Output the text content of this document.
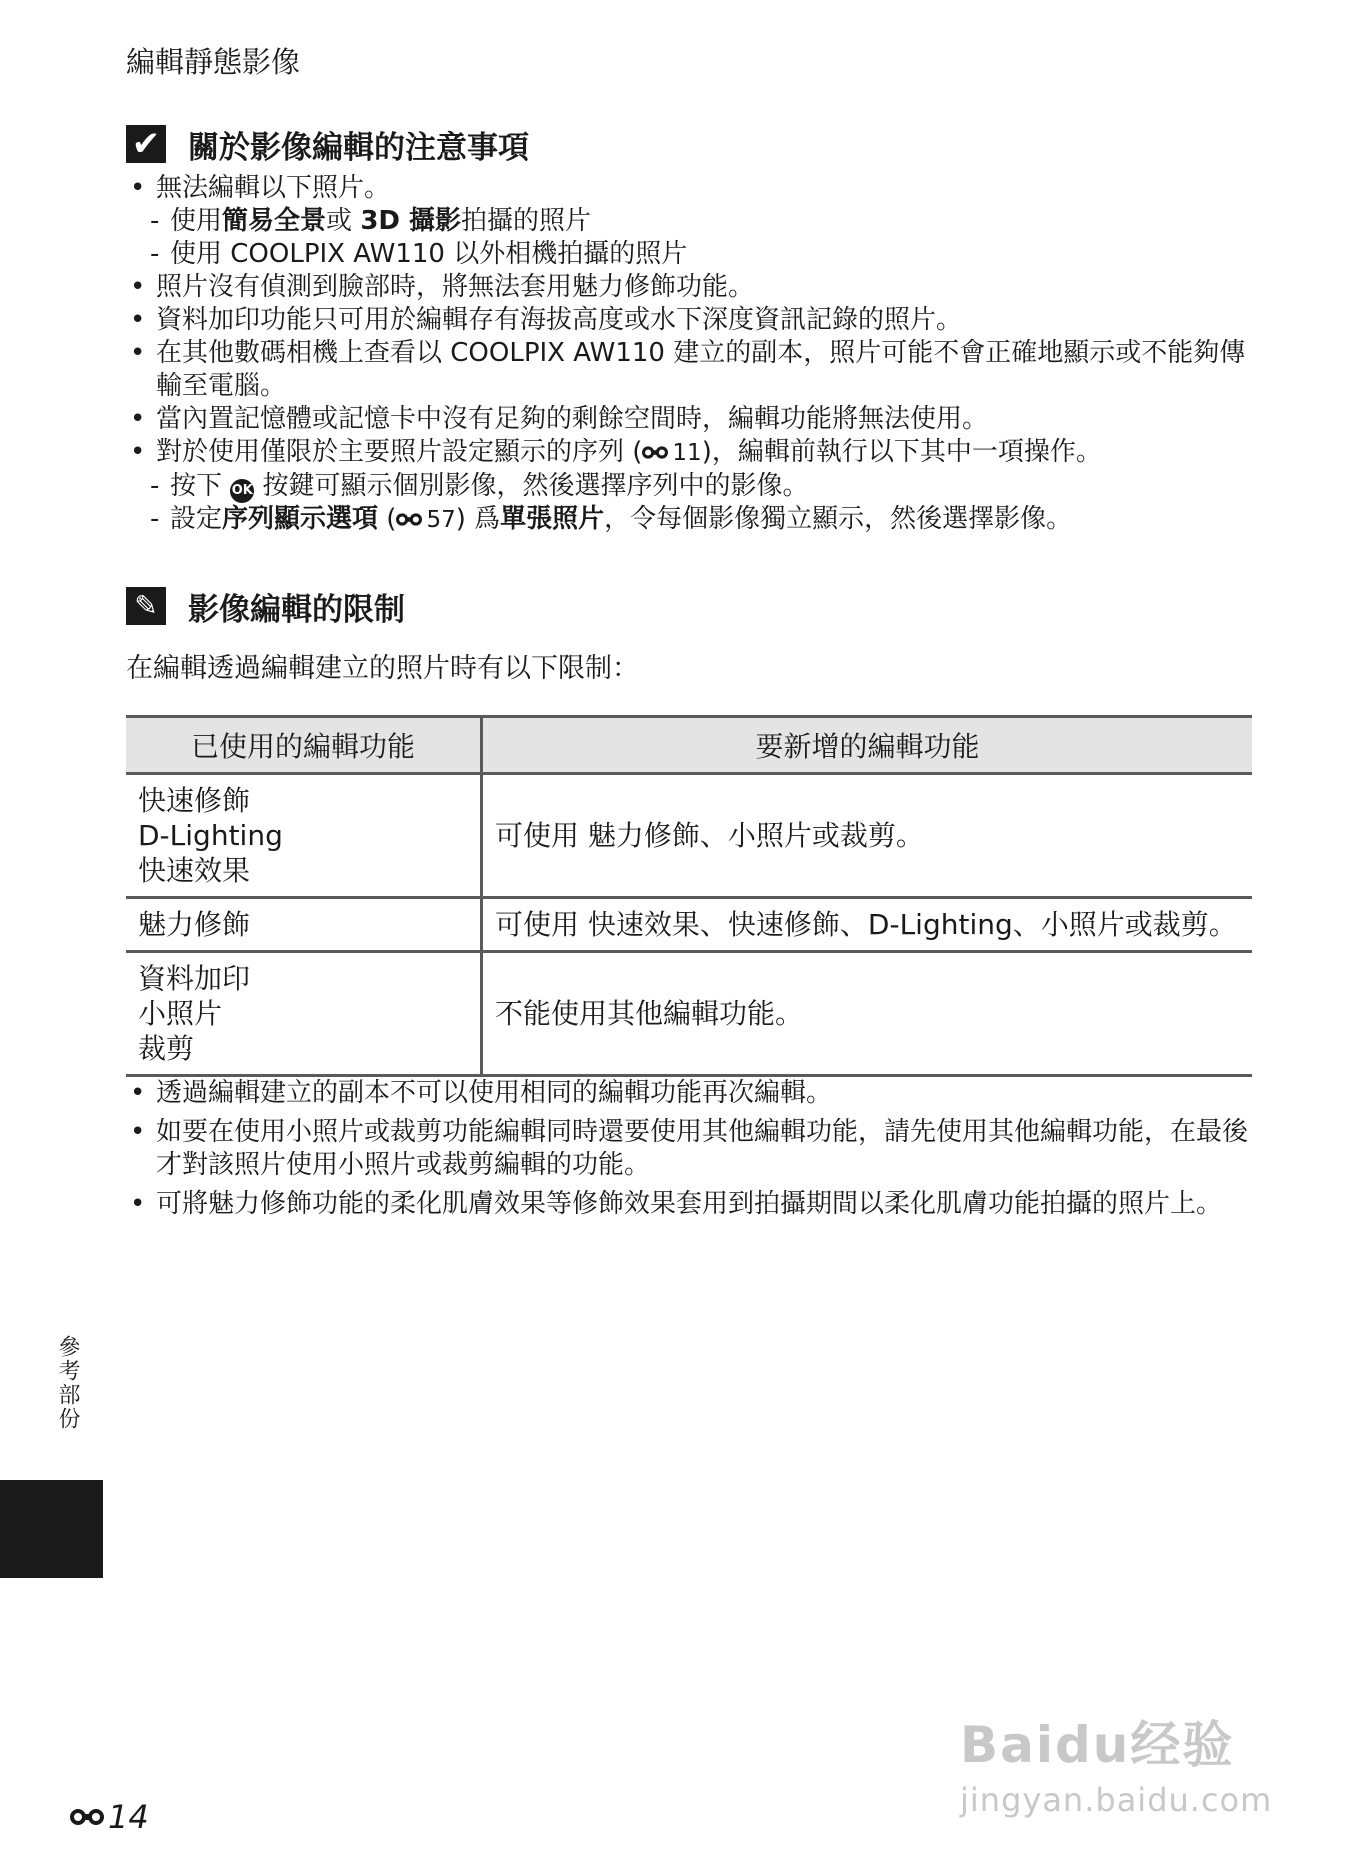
編輯靜態影像
✔ 關於影像編輯的注意事項
• 無法編輯以下照片。
- 使用簡易全景或 3D 攝影拍攝的照片
- 使用 COOLPIX AW110 以外相機拍攝的照片
• 照片沒有偵測到臉部時，將無法套用魅力修飾功能。
• 資料加印功能只可用於編輯存有海拔高度或水下深度資訊記錄的照片。
• 在其他數碼相機上查看以 COOLPIX AW110 建立的副本，照片可能不會正確地顯示或不能夠傳輸至電腦。
• 當內置記憶體或記憶卡中沒有足夠的剩餘空間時，編輯功能將無法使用。
• 對於使用僅限於主要照片設定顯示的序列 ( 11)，編輯前執行以下其中一項操作。
- 按下 OK 按鍵可顯示個別影像，然後選擇序列中的影像。
- 設定序列顯示選項 ( 57) 爲單張照片，令每個影像獨立顯示，然後選擇影像。
✎ 影像編輯的限制
在編輯透過編輯建立的照片時有以下限制：
已使用的編輯功能	要新增的編輯功能

快速修飾
D-Lighting
快速效果	可使用 魅力修飾、小照片或裁剪。

魅力修飾	可使用 快速效果、快速修飾、D-Lighting、小照片或裁剪。

資料加印
小照片
裁剪	不能使用其他編輯功能。
• 透過編輯建立的副本不可以使用相同的編輯功能再次編輯。
• 如要在使用小照片或裁剪功能編輯同時還要使用其他編輯功能，請先使用其他編輯功能，在最後才對該照片使用小照片或裁剪編輯的功能。
• 可將魅力修飾功能的柔化肌膚效果等修飾效果套用到拍攝期間以柔化肌膚功能拍攝的照片上。
參考部份
14
Baidu经验
jingyan.baidu.com
